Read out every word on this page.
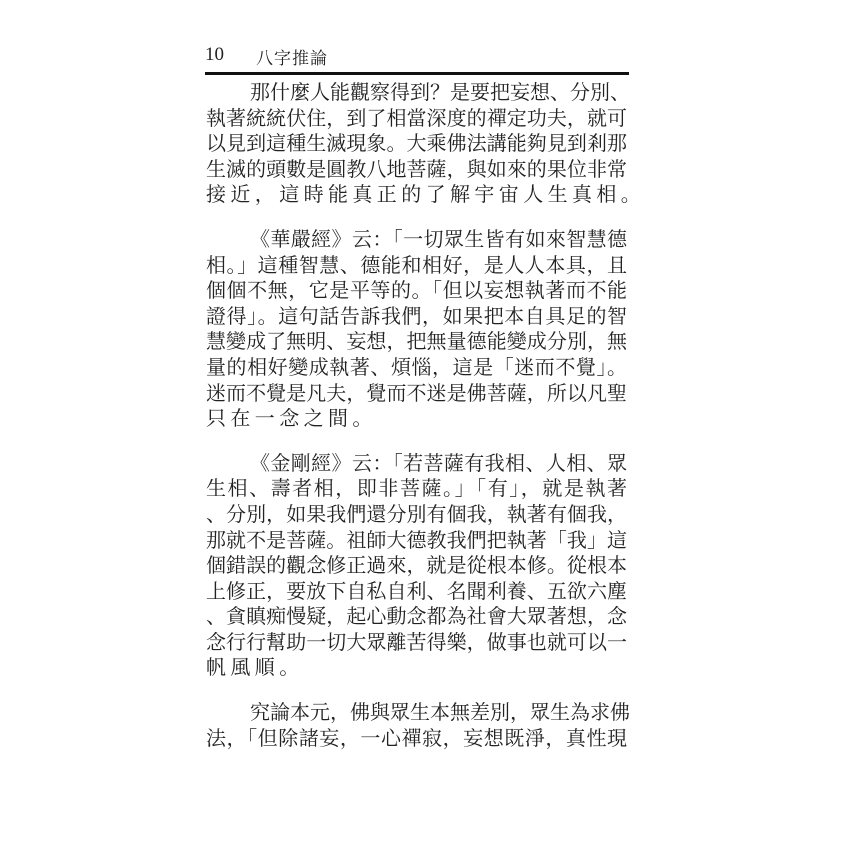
10 八字推論
那什麼人能觀察得到？是要把妄想、分別、
執著統統伏住，到了相當深度的禪定功夫，就可
以見到這種生滅現象。大乘佛法講能夠見到剎那
生滅的頭數是圓教八地菩薩，與如來的果位非常
接近，這時能真正的了解宇宙人生真相。
《華嚴經》云：「一切眾生皆有如來智慧德
相。」這種智慧、德能和相好，是人人本具，且
個個不無，它是平等的。「但以妄想執著而不能
證得」。這句話告訴我們，如果把本自具足的智
慧變成了無明、妄想，把無量德能變成分別，無
量的相好變成執著、煩惱，這是「迷而不覺」。
迷而不覺是凡夫，覺而不迷是佛菩薩，所以凡聖
只在一念之間。
《金剛經》云：「若菩薩有我相、人相、眾
生相、壽者相，即非菩薩。」「有」，就是執著
、分別，如果我們還分別有個我，執著有個我，
那就不是菩薩。祖師大德教我們把執著「我」這
個錯誤的觀念修正過來，就是從根本修。從根本
上修正，要放下自私自利、名聞利養、五欲六塵
、貪瞋痴慢疑，起心動念都為社會大眾著想，念
念行行幫助一切大眾離苦得樂，做事也就可以一
帆風順。
究論本元，佛與眾生本無差別，眾生為求佛
法，「但除諸妄，一心禪寂，妄想既淨，真性現
